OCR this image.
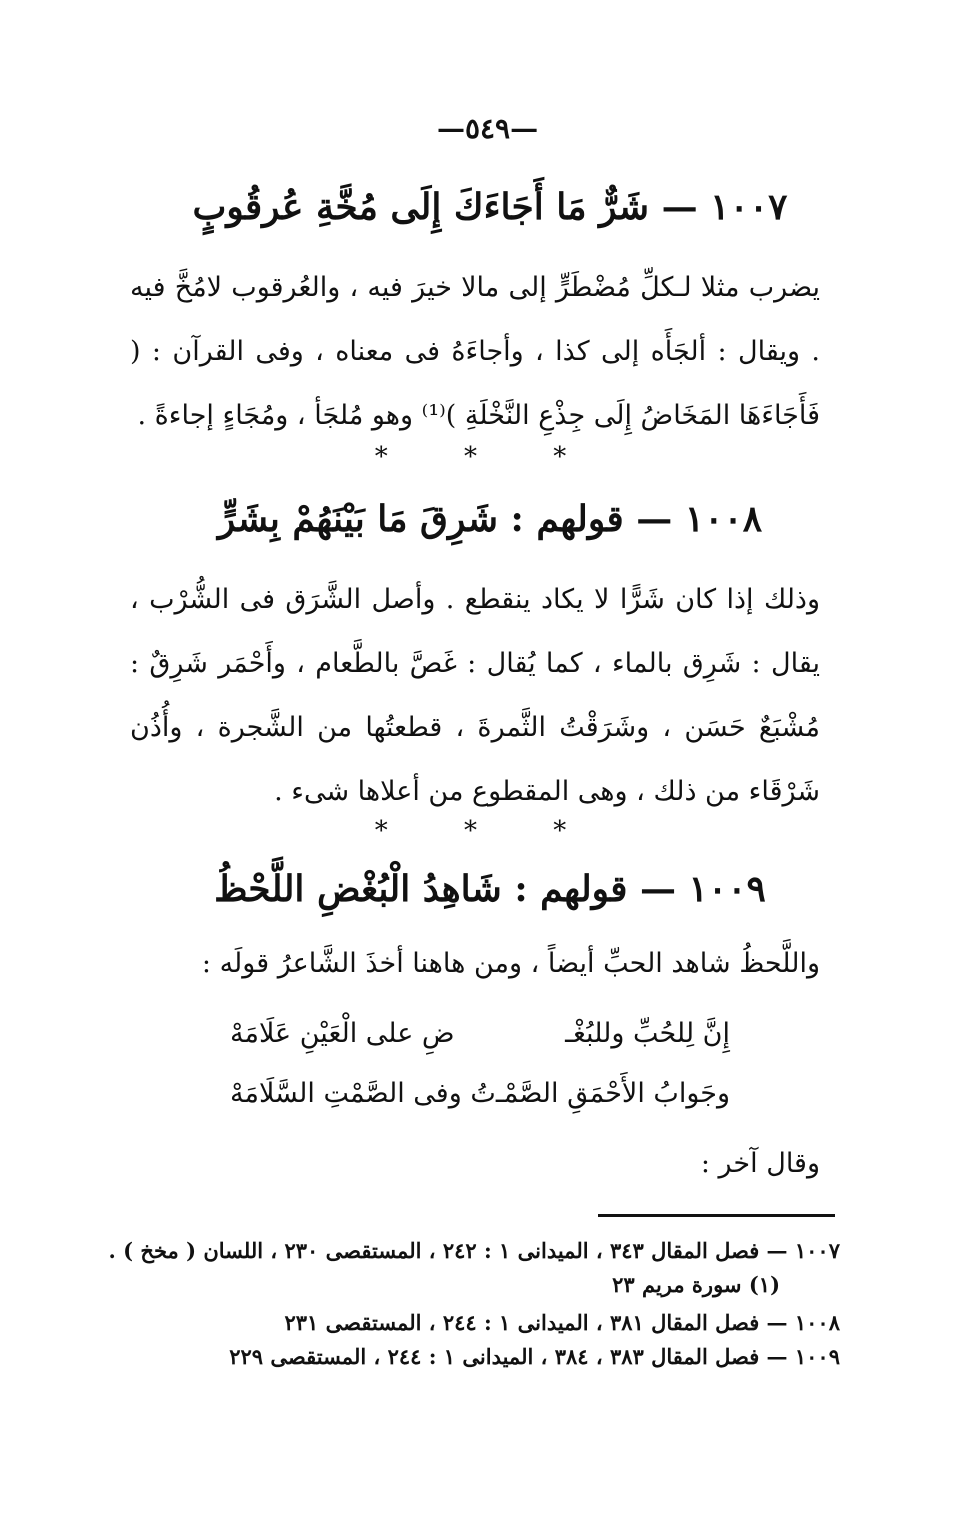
—٥٤٩—
١٠٠٧ — شَرٌّ مَا أَجَاءَكَ إِلَى مُخَّةِ عُرقُوبٍ
يضرب مثلا لـكلِّ مُضْطَرٍّ إلى مالا خيرَ فيه ، والعُرقوب لامُخَّ فيه . ويقال : ألجَأَه إلى كذا ، وأجاءَهُ فى معناه ، وفى القرآن : ( فَأَجَاءَهَا المَخَاضُ إِلَى جِذْعِ النَّخْلَةِ )⁽¹⁾ وهو مُلجَأ ، ومُجَاءٍ إجاءةً .
* * *
١٠٠٨ — قولهم : شَرِقَ مَا بَيْنَهُمْ بِشَرٍّ
وذلك إذا كان شَرًّا لا يكاد ينقطع . وأصل الشَّرَق فى الشُّرْب ، يقال : شَرِق بالماء ، كما يُقال : غَصَّ بالطَّعام ، وأَحْمَر شَرِقٌ : مُشْبَعٌ حَسَن ، وشَرَقْتُ الثَّمرةَ ، قطعتُها من الشَّجرة ، وأُذُن شَرْقَاء من ذلك ، وهى المقطوع من أعلاها شىء .
* * *
١٠٠٩ — قولهم : شَاهِدُ الْبُغْضِ اللَّحْظُ
واللَّحظُ شاهد الحبِّ أيضاً ، ومن هاهنا أخذَ الشَّاعرُ قولَه :
إِنَّ لِلحُبِّ وللبُغْـ
ضِ على الْعَيْنِ عَلَامَهْ
وجَوابُ الأَحْمَقِ الصَّمْـ
تُ وفى الصَّمْتِ السَّلَامَهْ
وقال آخر :
١٠٠٧ — فصل المقال ٣٤٣ ، الميدانى ١ : ٢٤٢ ، المستقصى ٢٣٠ ، اللسان ( مخخ ) .
(١) سورة مريم ٢٣
١٠٠٨ — فصل المقال ٣٨١ ، الميدانى ١ : ٢٤٤ ، المستقصى ٢٣١
١٠٠٩ — فصل المقال ٣٨٣ ، ٣٨٤ ، الميدانى ١ : ٢٤٤ ، المستقصى ٢٢٩
